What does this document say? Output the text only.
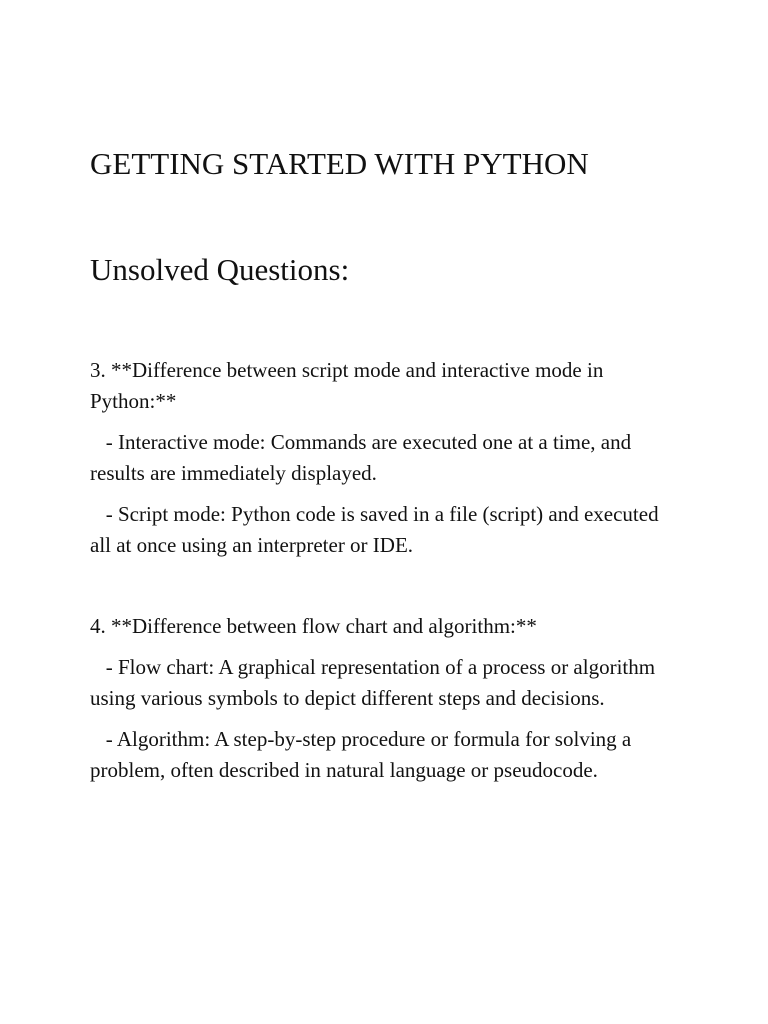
GETTING STARTED WITH PYTHON
Unsolved Questions:

3. **Difference between script mode and interactive mode in Python:**

- Interactive mode: Commands are executed one at a time, and results are immediately displayed.

- Script mode: Python code is saved in a file (script) and executed all at once using an interpreter or IDE.

4. **Difference between flow chart and algorithm:**

- Flow chart: A graphical representation of a process or algorithm using various symbols to depict different steps and decisions.

- Algorithm: A step-by-step procedure or formula for solving a problem, often described in natural language or pseudocode.
